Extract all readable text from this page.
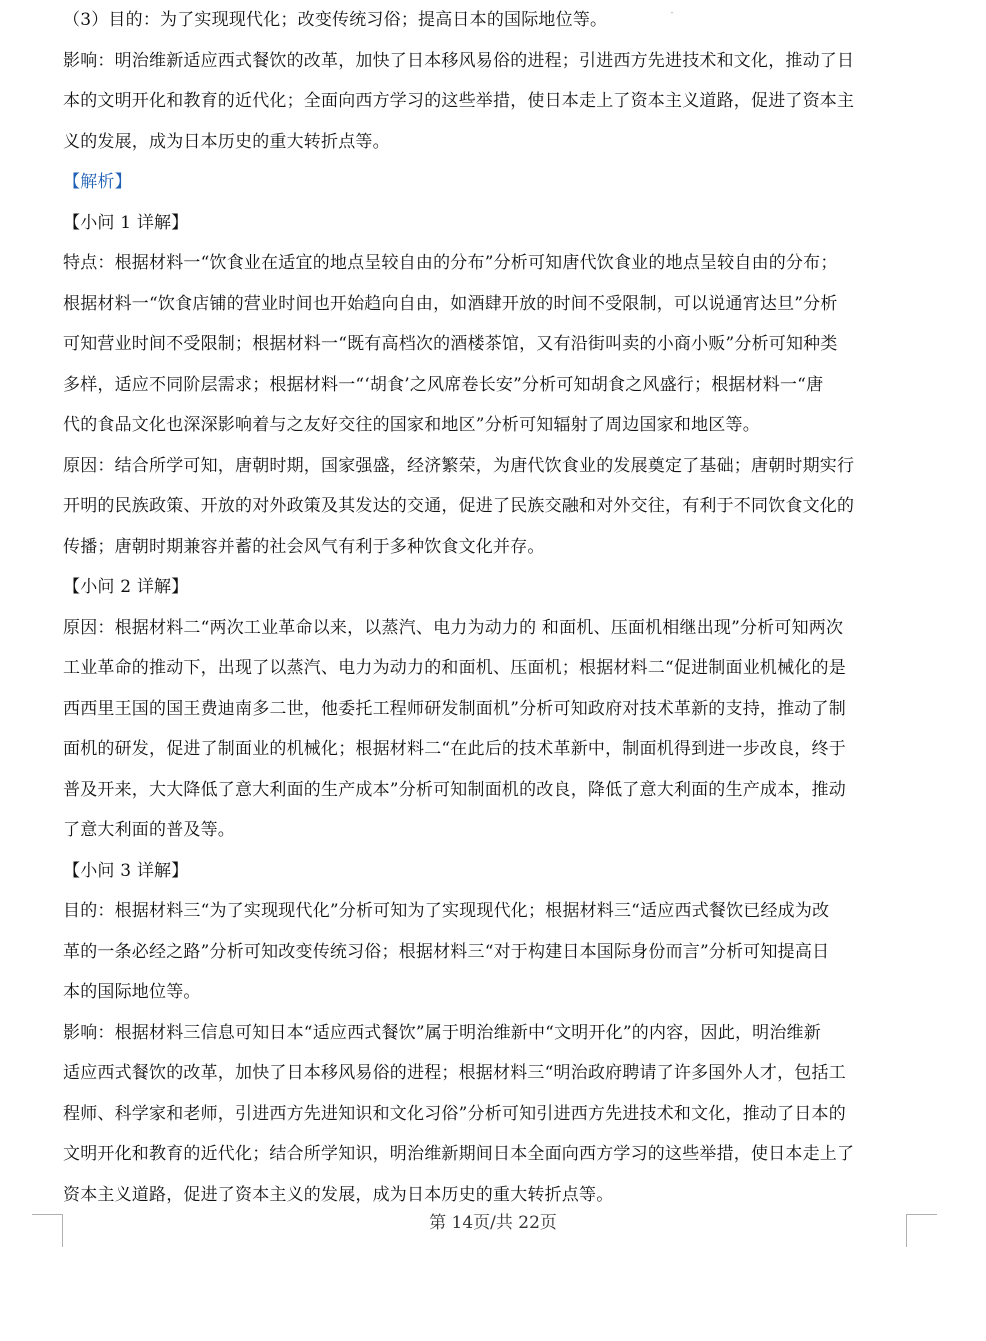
ˉ
（3）目的：为了实现现代化；改变传统习俗；提高日本的国际地位等。
影响：明治维新适应西式餐饮的改革，加快了日本移风易俗的进程；引进西方先进技术和文化，推动了日
本的文明开化和教育的近代化；全面向西方学习的这些举措，使日本走上了资本主义道路，促进了资本主
义的发展，成为日本历史的重大转折点等。
【解析】
【小问 1 详解】
特点：根据材料一“饮食业在适宜的地点呈较自由的分布”分析可知唐代饮食业的地点呈较自由的分布；
根据材料一“饮食店铺的营业时间也开始趋向自由，如酒肆开放的时间不受限制，可以说通宵达旦”分析
可知营业时间不受限制；根据材料一“既有高档次的酒楼茶馆，又有沿街叫卖的小商小贩”分析可知种类
多样，适应不同阶层需求；根据材料一“‘胡食’之风席卷长安”分析可知胡食之风盛行；根据材料一“唐
代的食品文化也深深影响着与之友好交往的国家和地区”分析可知辐射了周边国家和地区等。
原因：结合所学可知，唐朝时期，国家强盛，经济繁荣，为唐代饮食业的发展奠定了基础；唐朝时期实行
开明的民族政策、开放的对外政策及其发达的交通，促进了民族交融和对外交往，有利于不同饮食文化的
传播；唐朝时期兼容并蓄的社会风气有利于多种饮食文化并存。
【小问 2 详解】
原因：根据材料二“两次工业革命以来，以蒸汽、电力为动力的 和面机、压面机相继出现”分析可知两次
工业革命的推动下，出现了以蒸汽、电力为动力的和面机、压面机；根据材料二“促进制面业机械化的是
西西里王国的国王费迪南多二世，他委托工程师研发制面机”分析可知政府对技术革新的支持，推动了制
面机的研发，促进了制面业的机械化；根据材料二“在此后的技术革新中，制面机得到进一步改良，终于
普及开来，大大降低了意大利面的生产成本”分析可知制面机的改良，降低了意大利面的生产成本，推动
了意大利面的普及等。
【小问 3 详解】
目的：根据材料三“为了实现现代化”分析可知为了实现现代化；根据材料三“适应西式餐饮已经成为改
革的一条必经之路”分析可知改变传统习俗；根据材料三“对于构建日本国际身份而言”分析可知提高日
本的国际地位等。
影响：根据材料三信息可知日本“适应西式餐饮”属于明治维新中“文明开化”的内容，因此，明治维新
适应西式餐饮的改革，加快了日本移风易俗的进程；根据材料三“明治政府聘请了许多国外人才，包括工
程师、科学家和老师，引进西方先进知识和文化习俗”分析可知引进西方先进技术和文化，推动了日本的
文明开化和教育的近代化；结合所学知识，明治维新期间日本全面向西方学习的这些举措，使日本走上了
资本主义道路，促进了资本主义的发展，成为日本历史的重大转折点等。
第 14页/共 22页
